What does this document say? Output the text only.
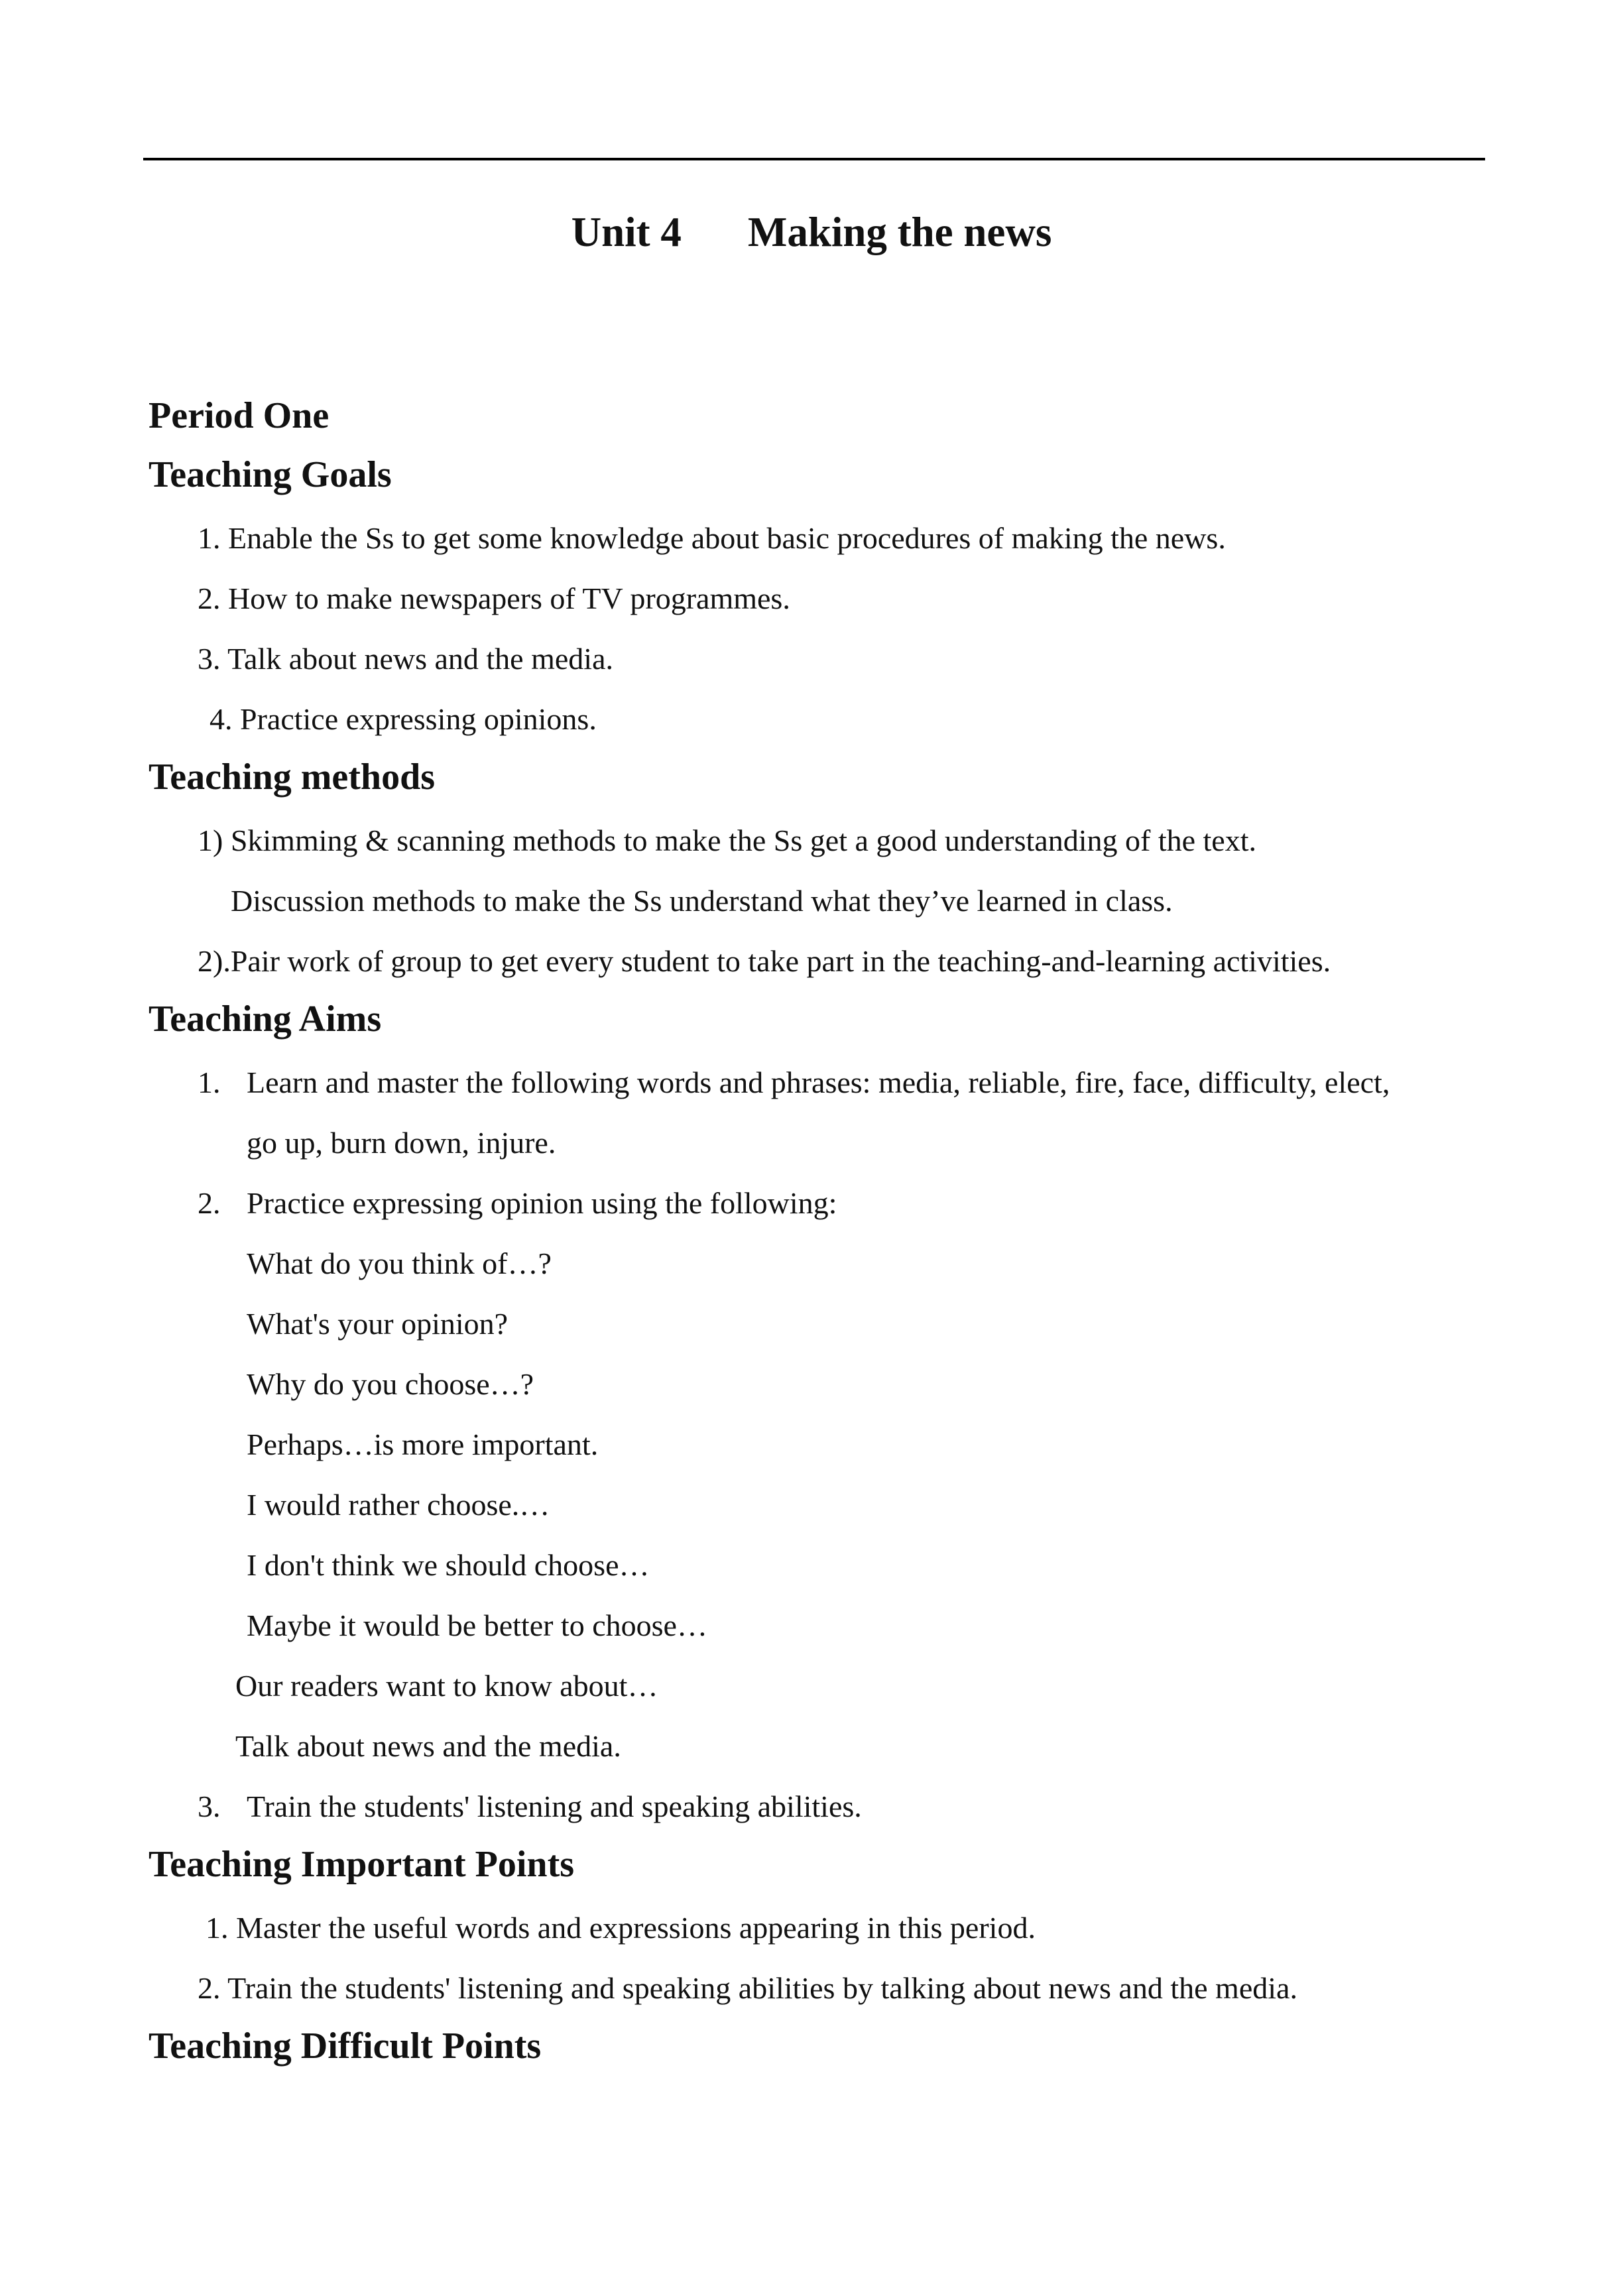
Unit 4 Making the news
Period One
Teaching Goals
1. Enable the Ss to get some knowledge about basic procedures of making the news.
2. How to make newspapers of TV programmes.
3. Talk about news and the media.
4. Practice expressing opinions.
Teaching methods
1) Skimming & scanning methods to make the Ss get a good understanding of the text.
Discussion methods to make the Ss understand what they’ve learned in class.
2).Pair work of group to get every student to take part in the teaching-and-learning activities.
Teaching Aims
1. Learn and master the following words and phrases: media, reliable, fire, face, difficulty, elect,
go up, burn down, injure.
2. Practice expressing opinion using the following:
What do you think of…?
What's your opinion?
Why do you choose…?
Perhaps…is more important.
I would rather choose.…
I don't think we should choose…
Maybe it would be better to choose…
Our readers want to know about…
Talk about news and the media.
3. Train the students' listening and speaking abilities.
Teaching Important Points
1. Master the useful words and expressions appearing in this period.
2. Train the students' listening and speaking abilities by talking about news and the media.
Teaching Difficult Points
